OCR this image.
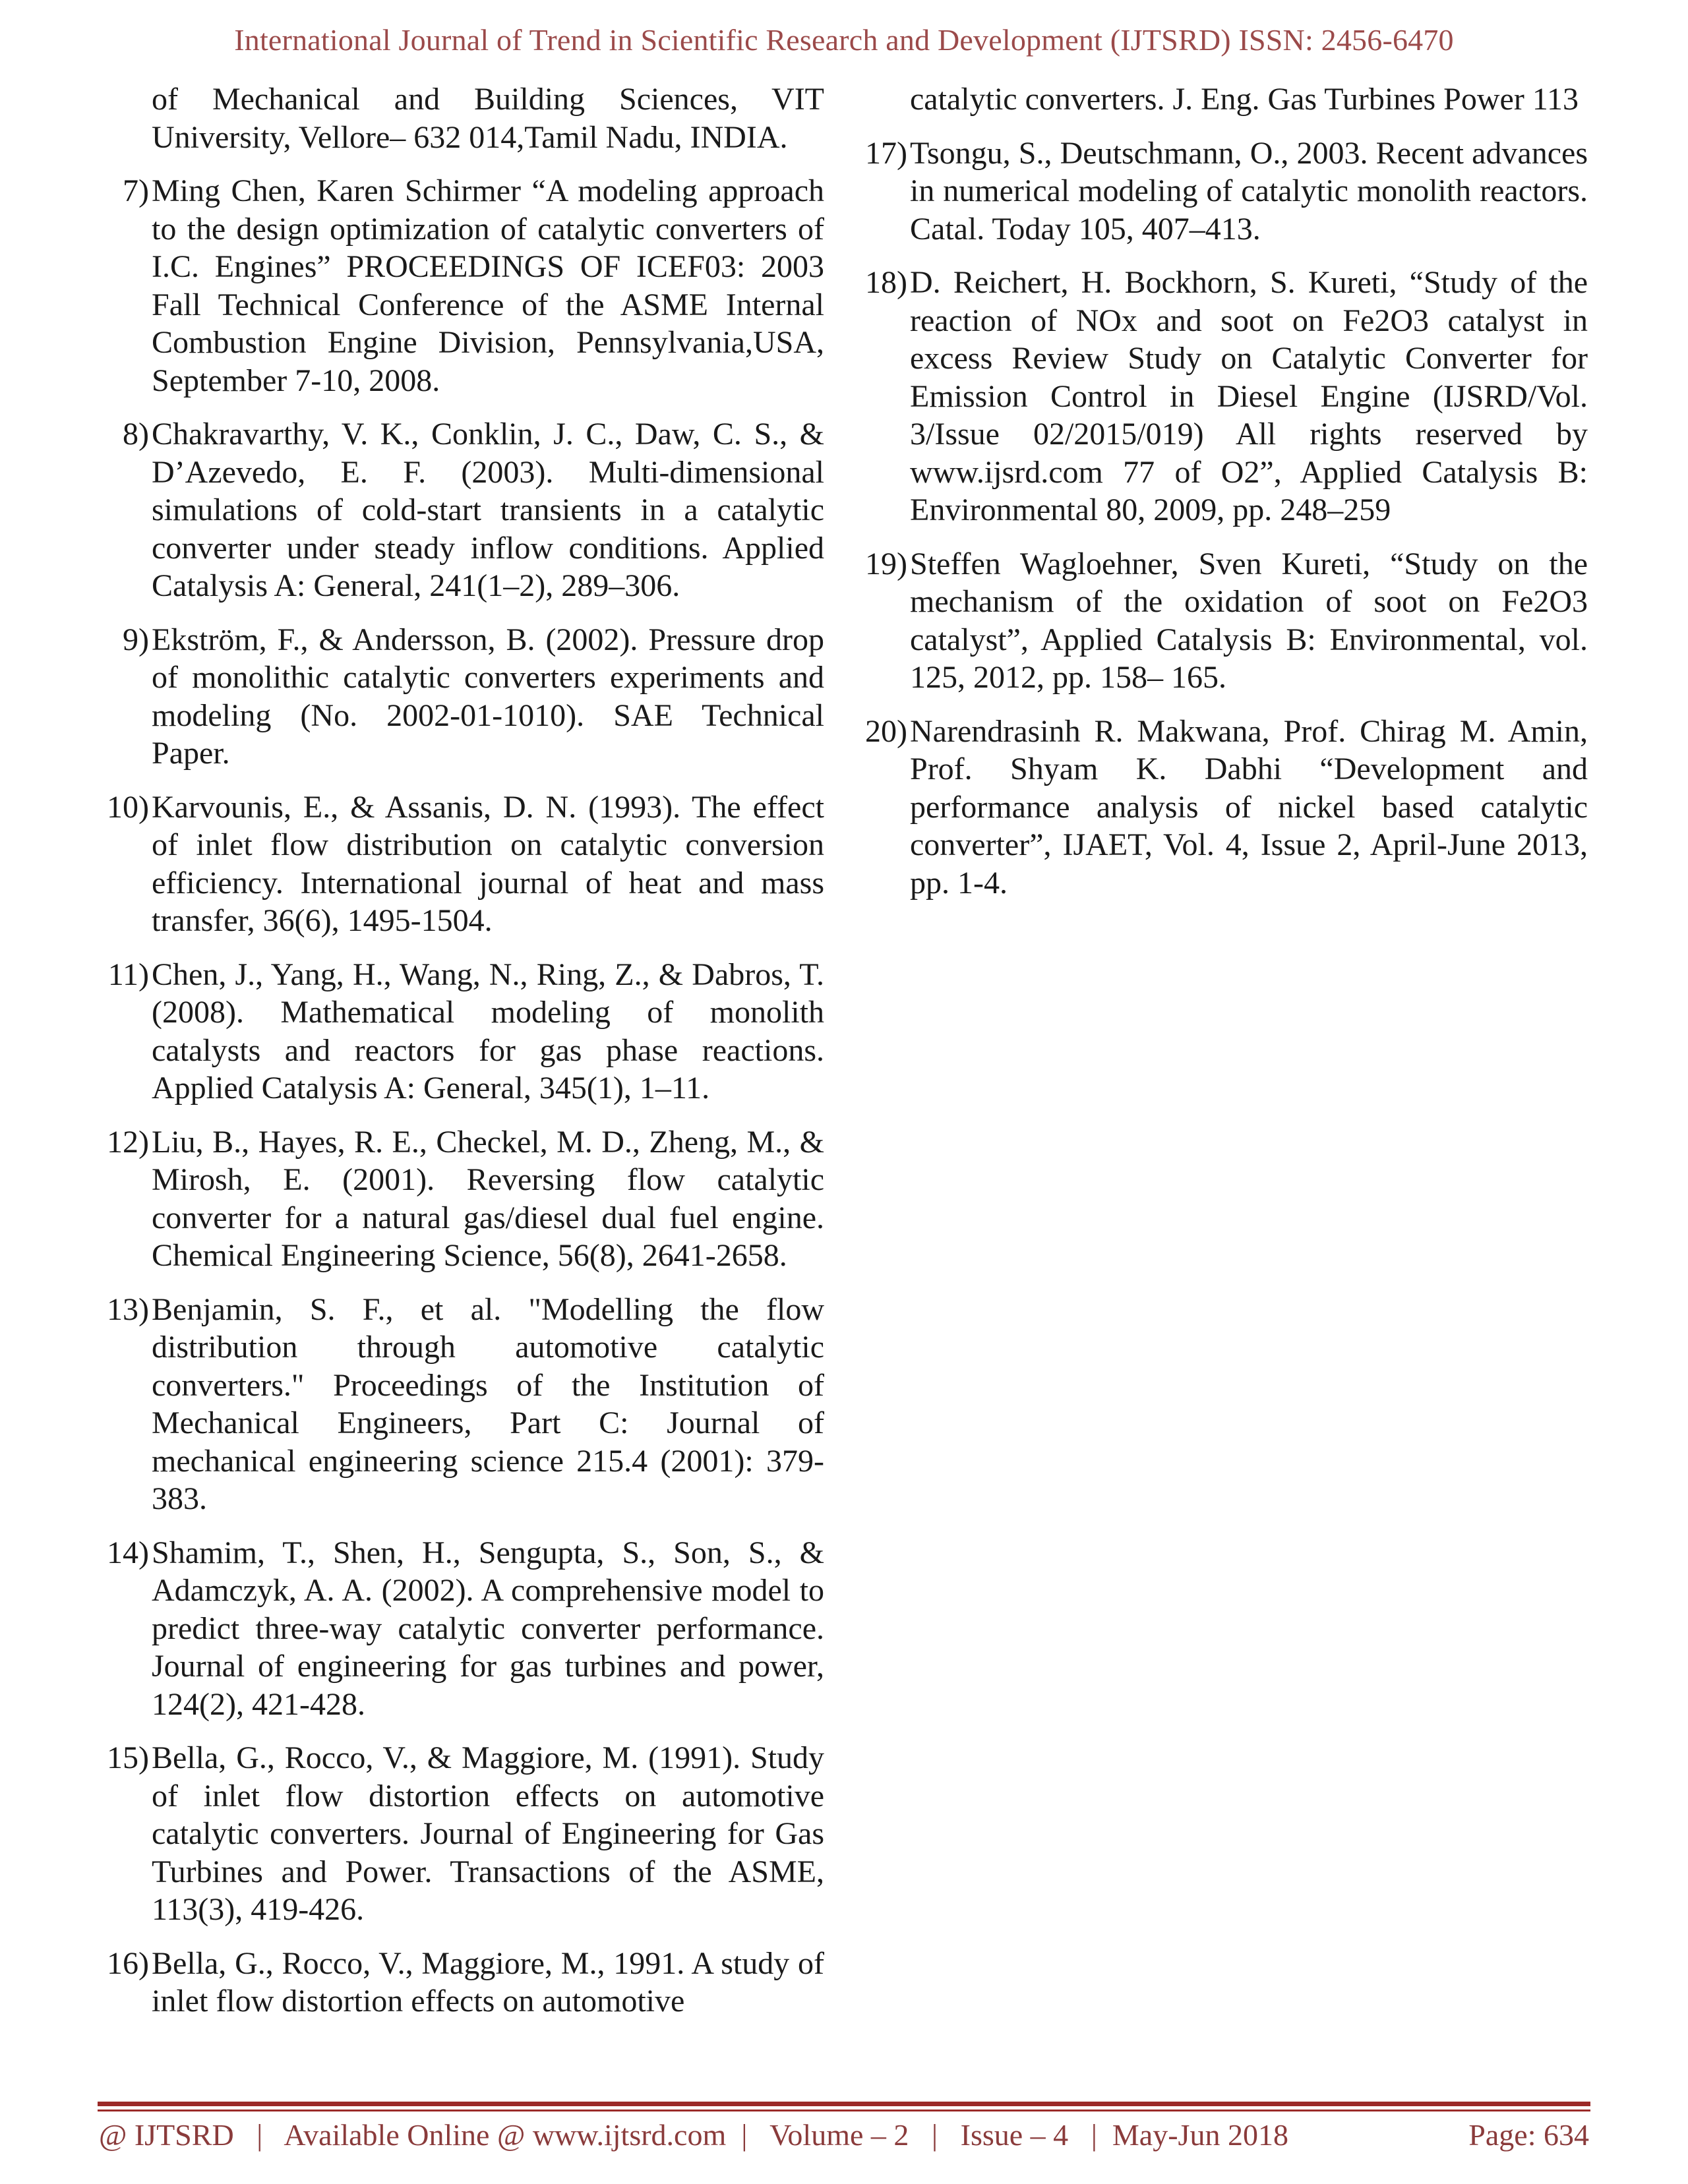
International Journal of Trend in Scientific Research and Development (IJTSRD) ISSN: 2456-6470
of Mechanical and Building Sciences, VIT University, Vellore– 632 014,Tamil Nadu, INDIA.
7) Ming Chen, Karen Schirmer “A modeling approach to the design optimization of catalytic converters of I.C. Engines” PROCEEDINGS OF ICEF03: 2003 Fall Technical Conference of the ASME Internal Combustion Engine Division, Pennsylvania,USA, September 7-10, 2008.
8) Chakravarthy, V. K., Conklin, J. C., Daw, C. S., & D’Azevedo, E. F. (2003). Multi-dimensional simulations of cold-start transients in a catalytic converter under steady inflow conditions. Applied Catalysis A: General, 241(1–2), 289–306.
9) Ekström, F., & Andersson, B. (2002). Pressure drop of monolithic catalytic converters experiments and modeling (No. 2002-01-1010). SAE Technical Paper.
10) Karvounis, E., & Assanis, D. N. (1993). The effect of inlet flow distribution on catalytic conversion efficiency. International journal of heat and mass transfer, 36(6), 1495-1504.
11) Chen, J., Yang, H., Wang, N., Ring, Z., & Dabros, T. (2008). Mathematical modeling of monolith catalysts and reactors for gas phase reactions. Applied Catalysis A: General, 345(1), 1–11.
12) Liu, B., Hayes, R. E., Checkel, M. D., Zheng, M., & Mirosh, E. (2001). Reversing flow catalytic converter for a natural gas/diesel dual fuel engine. Chemical Engineering Science, 56(8), 2641-2658.
13) Benjamin, S. F., et al. "Modelling the flow distribution through automotive catalytic converters." Proceedings of the Institution of Mechanical Engineers, Part C: Journal of mechanical engineering science 215.4 (2001): 379-383.
14) Shamim, T., Shen, H., Sengupta, S., Son, S., & Adamczyk, A. A. (2002). A comprehensive model to predict three-way catalytic converter performance. Journal of engineering for gas turbines and power, 124(2), 421-428.
15) Bella, G., Rocco, V., & Maggiore, M. (1991). Study of inlet flow distortion effects on automotive catalytic converters. Journal of Engineering for Gas Turbines and Power. Transactions of the ASME, 113(3), 419-426.
16) Bella, G., Rocco, V., Maggiore, M., 1991. A study of inlet flow distortion effects on automotive
catalytic converters. J. Eng. Gas Turbines Power 113
17) Tsongu, S., Deutschmann, O., 2003. Recent advances in numerical modeling of catalytic monolith reactors. Catal. Today 105, 407–413.
18) D. Reichert, H. Bockhorn, S. Kureti, “Study of the reaction of NOx and soot on Fe2O3 catalyst in excess Review Study on Catalytic Converter for Emission Control in Diesel Engine (IJSRD/Vol. 3/Issue 02/2015/019) All rights reserved by www.ijsrd.com 77 of O2”, Applied Catalysis B: Environmental 80, 2009, pp. 248–259
19) Steffen Wagloehner, Sven Kureti, “Study on the mechanism of the oxidation of soot on Fe2O3 catalyst”, Applied Catalysis B: Environmental, vol. 125, 2012, pp. 158– 165.
20) Narendrasinh R. Makwana, Prof. Chirag M. Amin, Prof. Shyam K. Dabhi “Development and performance analysis of nickel based catalytic converter”, IJAET, Vol. 4, Issue 2, April-June 2013, pp. 1-4.
@ IJTSRD | Available Online @ www.ijtsrd.com | Volume – 2 | Issue – 4 | May-Jun 2018	Page: 634
